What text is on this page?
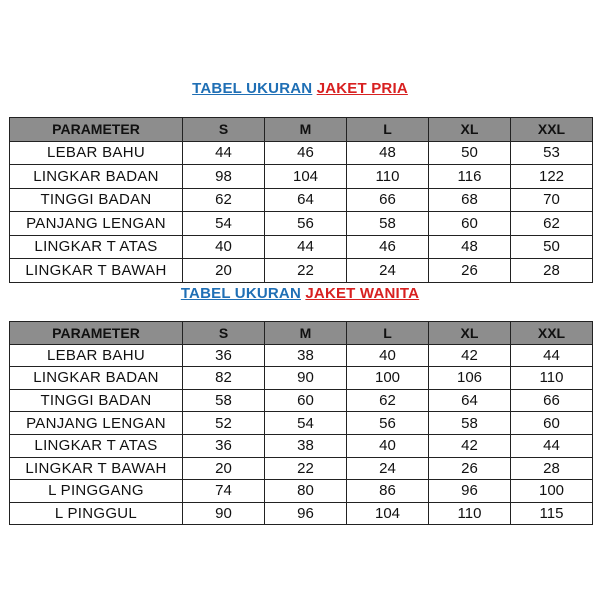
TABEL UKURAN JAKET PRIA
PARAMETER	S	M	L	XL	XXL
LEBAR BAHU	44	46	48	50	53
LINGKAR BADAN	98	104	110	116	122
TINGGI BADAN	62	64	66	68	70
PANJANG LENGAN	54	56	58	60	62
LINGKAR T ATAS	40	44	46	48	50
LINGKAR T BAWAH	20	22	24	26	28
TABEL UKURAN JAKET WANITA
PARAMETER	S	M	L	XL	XXL
LEBAR BAHU	36	38	40	42	44
LINGKAR BADAN	82	90	100	106	110
TINGGI BADAN	58	60	62	64	66
PANJANG LENGAN	52	54	56	58	60
LINGKAR T ATAS	36	38	40	42	44
LINGKAR T BAWAH	20	22	24	26	28
L PINGGANG	74	80	86	96	100
L PINGGUL	90	96	104	110	115
